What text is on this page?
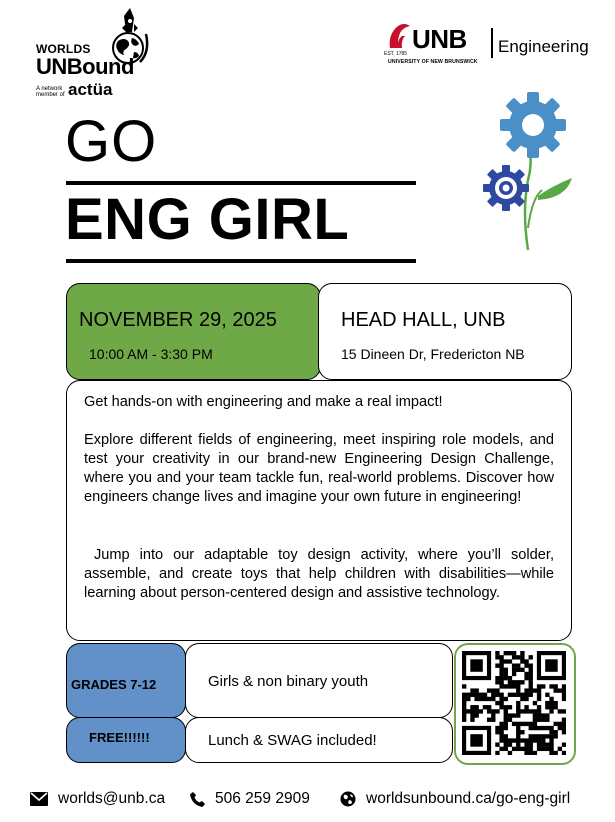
WORLDS
UNBound
A network member of actüa
UNB
EST. 1785
UNIVERSITY OF NEW BRUNSWICK
Engineering
GO
ENG GIRL
NOVEMBER 29, 2025
10:00 AM - 3:30 PM
HEAD HALL, UNB
15 Dineen Dr, Fredericton NB

Get hands-on with engineering and make a real impact!

Explore different fields of engineering, meet inspiring role models, and test your creativity in our brand-new Engineering Design Challenge, where you and your team tackle fun, real-world problems. Discover how engineers change lives and imagine your own future in engineering!

Jump into our adaptable toy design activity, where you’ll solder, assemble, and create toys that help children with disabilities—while learning about person-centered design and assistive technology.

GRADES 7-12	Girls & non binary youth
FREE!!!!!!	Lunch & SWAG included!
worlds@unb.ca	506 259 2909	worldsunbound.ca/go-eng-girl
